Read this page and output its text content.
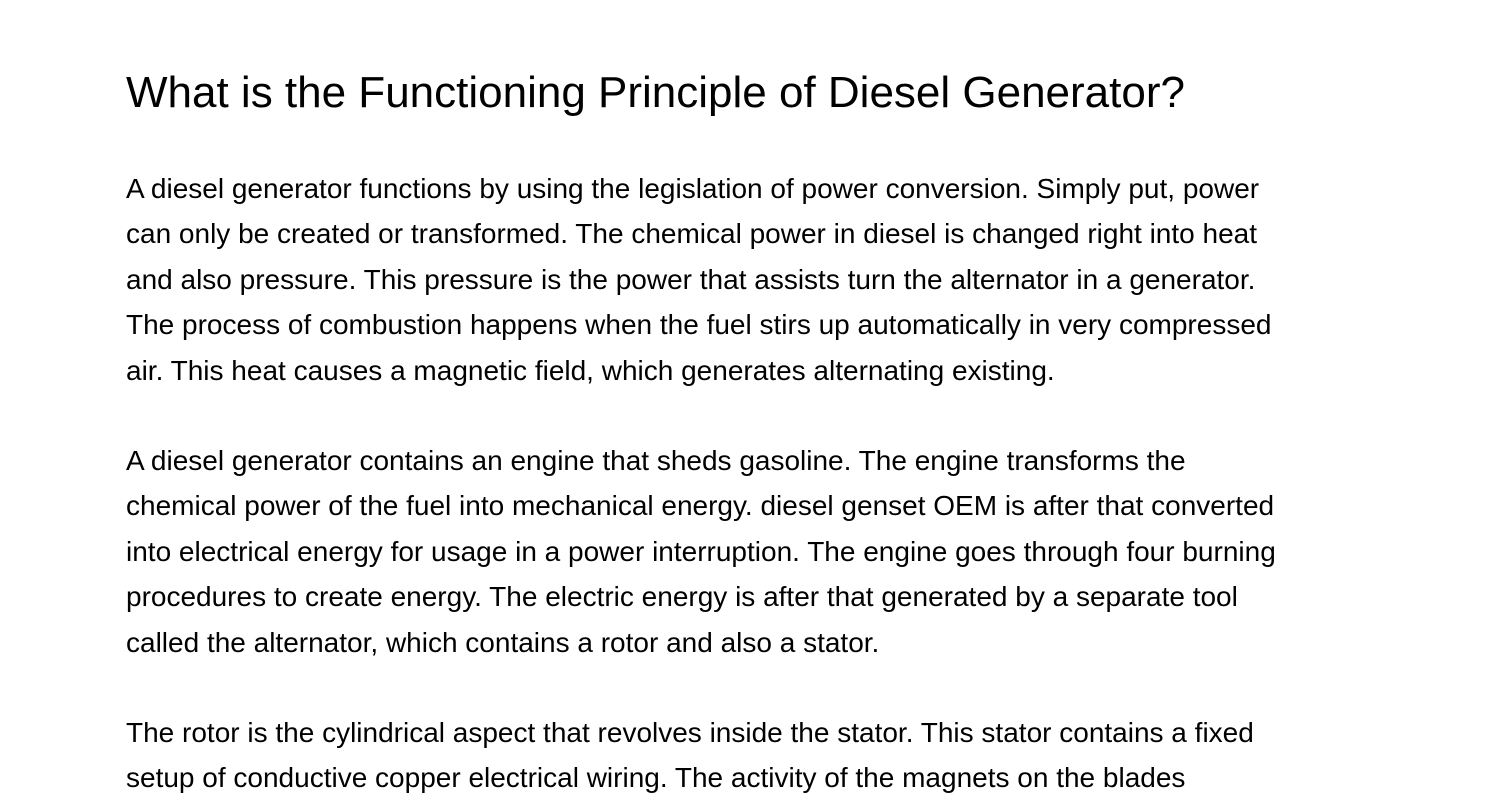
What is the Functioning Principle of Diesel Generator?

A diesel generator functions by using the legislation of power conversion. Simply put, power
can only be created or transformed. The chemical power in diesel is changed right into heat
and also pressure. This pressure is the power that assists turn the alternator in a generator.
The process of combustion happens when the fuel stirs up automatically in very compressed
air. This heat causes a magnetic field, which generates alternating existing.

A diesel generator contains an engine that sheds gasoline. The engine transforms the
chemical power of the fuel into mechanical energy. diesel genset OEM is after that converted
into electrical energy for usage in a power interruption. The engine goes through four burning
procedures to create energy. The electric energy is after that generated by a separate tool
called the alternator, which contains a rotor and also a stator.

The rotor is the cylindrical aspect that revolves inside the stator. This stator contains a fixed
setup of conductive copper electrical wiring. The activity of the magnets on the blades
